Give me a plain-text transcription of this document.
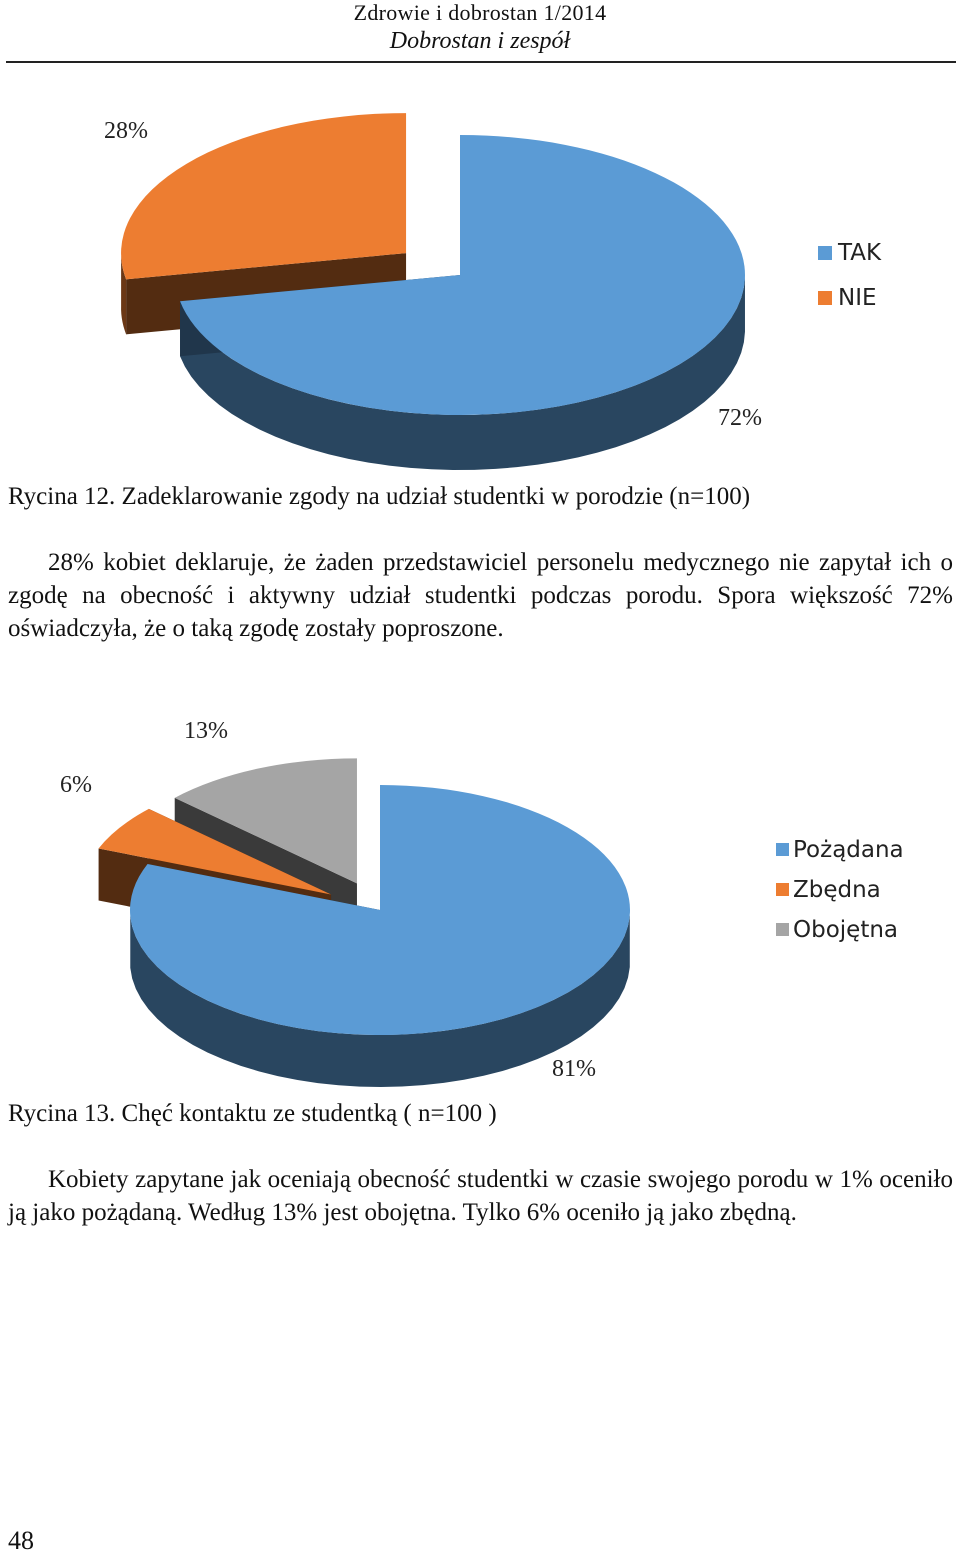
Zdrowie i dobrostan 1/2014
Dobrostan i zespół
72%
28%
TAK
NIE
Rycina 12. Zadeklarowanie zgody na udział studentki w porodzie (n=100)

28% kobiet deklaruje, że żaden przedstawiciel personelu medycznego nie zapytał ich o zgodę na obecność i aktywny udział studentki podczas porodu. Spora większość 72% oświadczyła, że o taką zgodę zostały poproszone.

81%
6%
13%
Pożądana
Zbędna
Obojętna
Rycina 13. Chęć kontaktu ze studentką ( n=100 )

Kobiety zapytane jak oceniają obecność studentki w czasie swojego porodu w 1% oceniło ją jako pożądaną. Według 13% jest obojętna. Tylko 6% oceniło ją jako zbędną.

48
